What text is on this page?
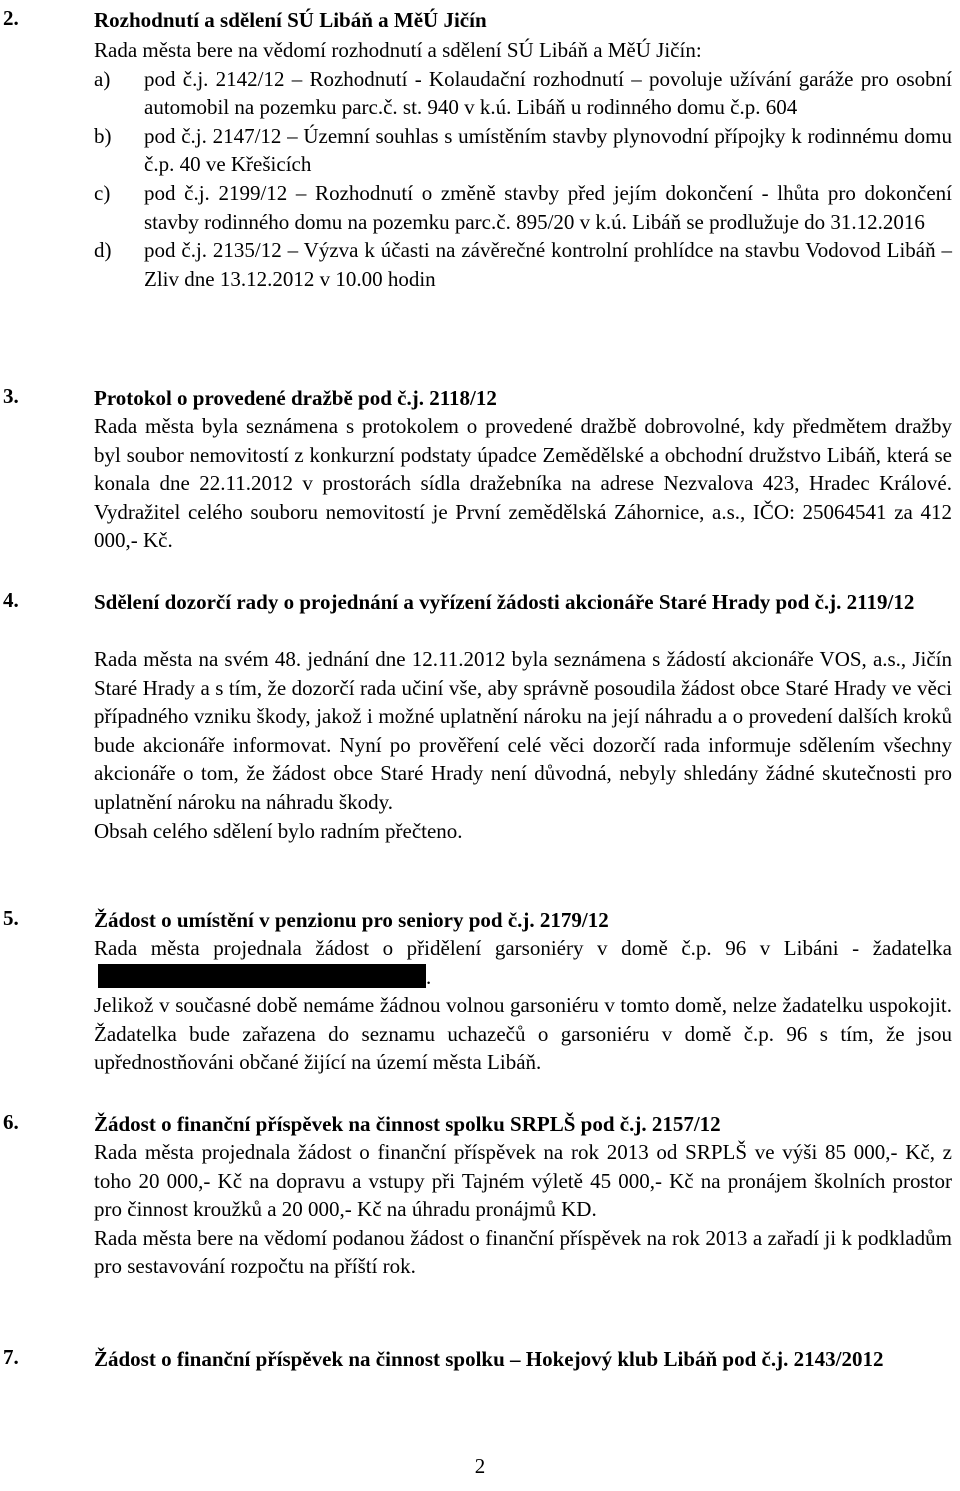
2.	Rozhodnutí a sdělení SÚ Libáň a MěÚ Jičín

Rada města bere na vědomí rozhodnutí a sdělení SÚ Libáň a MěÚ Jičín:

a) pod č.j. 2142/12 – Rozhodnutí - Kolaudační rozhodnutí – povoluje užívání garáže pro osobní automobil na pozemku parc.č. st. 940 v k.ú. Libáň u rodinného domu č.p. 604

b) pod č.j. 2147/12 – Územní souhlas s umístěním stavby plynovodní přípojky k rodinnému domu č.p. 40 ve Křešicích

c) pod č.j. 2199/12 – Rozhodnutí o změně stavby před jejím dokončení - lhůta pro dokončení stavby rodinného domu na pozemku parc.č. 895/20 v k.ú. Libáň se prodlužuje do 31.12.2016

d) pod č.j. 2135/12 – Výzva k účasti na závěrečné kontrolní prohlídce na stavbu Vodovod Libáň – Zliv dne 13.12.2012 v 10.00 hodin

3.	Protokol o provedené dražbě pod č.j. 2118/12

Rada města byla seznámena s protokolem o provedené dražbě dobrovolné, kdy předmětem dražby byl soubor nemovitostí z konkurzní podstaty úpadce Zemědělské a obchodní družstvo Libáň, která se konala dne 22.11.2012 v prostorách sídla dražebníka na adrese Nezvalova 423, Hradec Králové. Vydražitel celého souboru nemovitostí je První zemědělská Záhornice, a.s., IČO: 25064541 za 412 000,- Kč.

4.	Sdělení dozorčí rady o projednání a vyřízení žádosti akcionáře Staré Hrady pod č.j. 2119/12

Rada města na svém 48. jednání dne 12.11.2012 byla seznámena s žádostí akcionáře VOS, a.s., Jičín Staré Hrady a s tím, že dozorčí rada učiní vše, aby správně posoudila žádost obce Staré Hrady ve věci případného vzniku škody, jakož i možné uplatnění nároku na její náhradu a o provedení dalších kroků bude akcionáře informovat. Nyní po prověření celé věci dozorčí rada informuje sdělením všechny akcionáře o tom, že žádost obce Staré Hrady není důvodná, nebyly shledány žádné skutečnosti pro uplatnění nároku na náhradu škody.

Obsah celého sdělení bylo radním přečteno.

5.	Žádost o umístění v penzionu pro seniory pod č.j. 2179/12

Rada města projednala žádost o přidělení garsoniéry v domě č.p. 96 v Libáni - žadatelka.

Jelikož v současné době nemáme žádnou volnou garsoniéru v tomto domě, nelze žadatelku uspokojit. Žadatelka bude zařazena do seznamu uchazečů o garsoniéru v domě č.p. 96 s tím, že jsou upřednostňováni občané žijící na území města Libáň.

6.	Žádost o finanční příspěvek na činnost spolku SRPLŠ pod č.j. 2157/12

Rada města projednala žádost o finanční příspěvek na rok 2013 od SRPLŠ ve výši 85 000,- Kč, z toho 20 000,- Kč na dopravu a vstupy při Tajném výletě 45 000,- Kč na pronájem školních prostor pro činnost kroužků a 20 000,- Kč na úhradu pronájmů KD.

Rada města bere na vědomí podanou žádost o finanční příspěvek na rok 2013 a zařadí ji k podkladům pro sestavování rozpočtu na příští rok.

7.	Žádost o finanční příspěvek na činnost spolku – Hokejový klub Libáň pod č.j. 2143/2012
2
